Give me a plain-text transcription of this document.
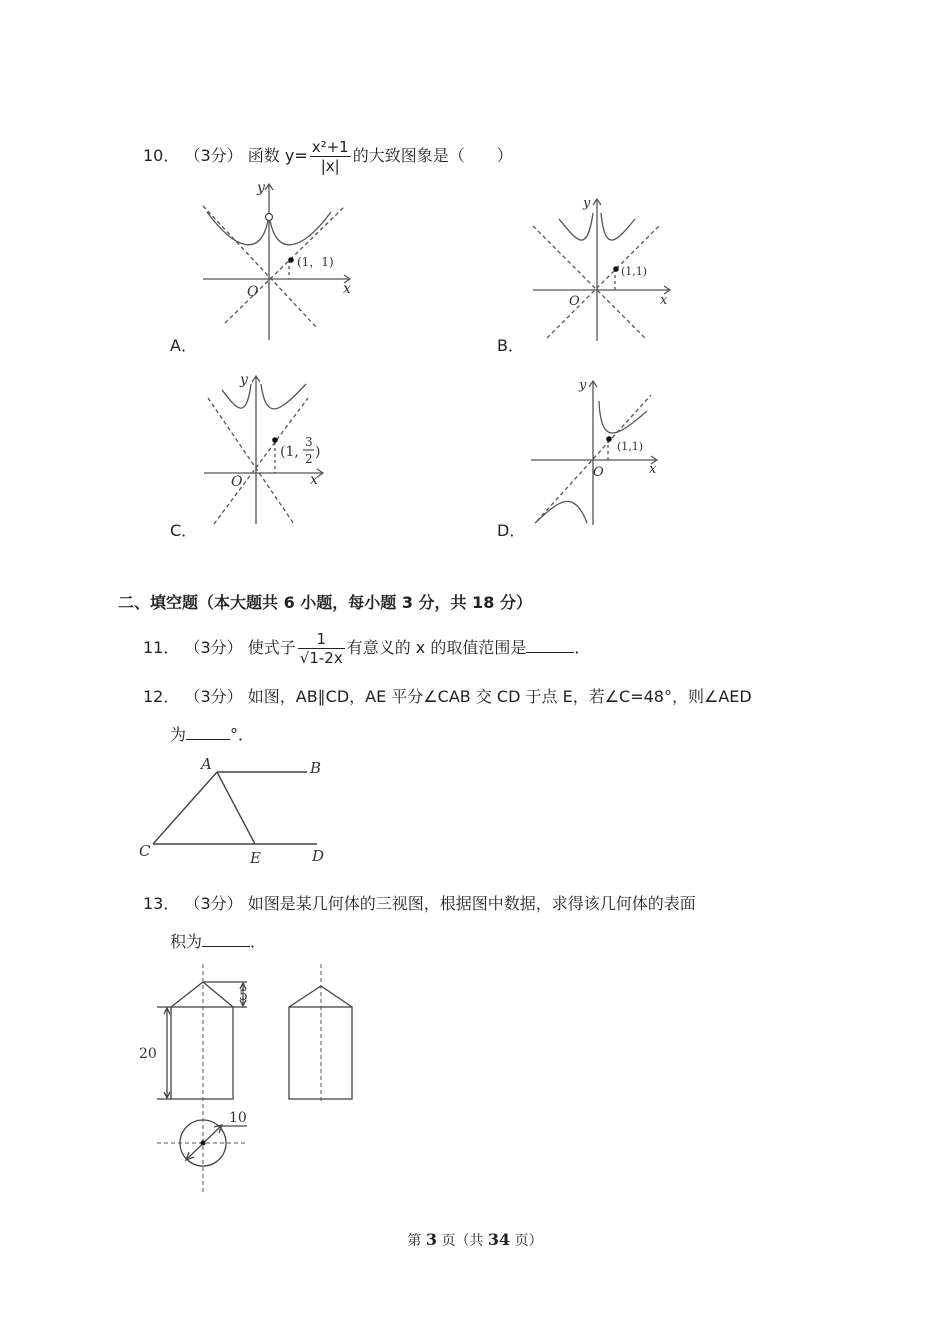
10． （3分） 函数 $y= \frac{\text{x²+1}}{|x|}$ 的大致图象是（　　）
y
x
O
(1，1)
A．
y
x
O
(1,1)
B．
y
x
O
(1,
3
2 )
C．
y
x
O
(1,1)
D．
二、填空题（本大题共 6 小题，每小题 3 分，共 18 分）
11． （3分） 使式子 $\frac{1}{√1-2x}$ 有意义的 x 的取值范围是	．
12． （3分） 如图，AB∥CD，AE 平分∠CAB 交 CD 于点 E，若∠C=48°，则∠AED
为	°．
A	B
C	E	D
13． （3分） 如图是某几何体的三视图，根据图中数据，求得该几何体的表面
积为	．
20
5
10
第 3 页（共 34 页）
